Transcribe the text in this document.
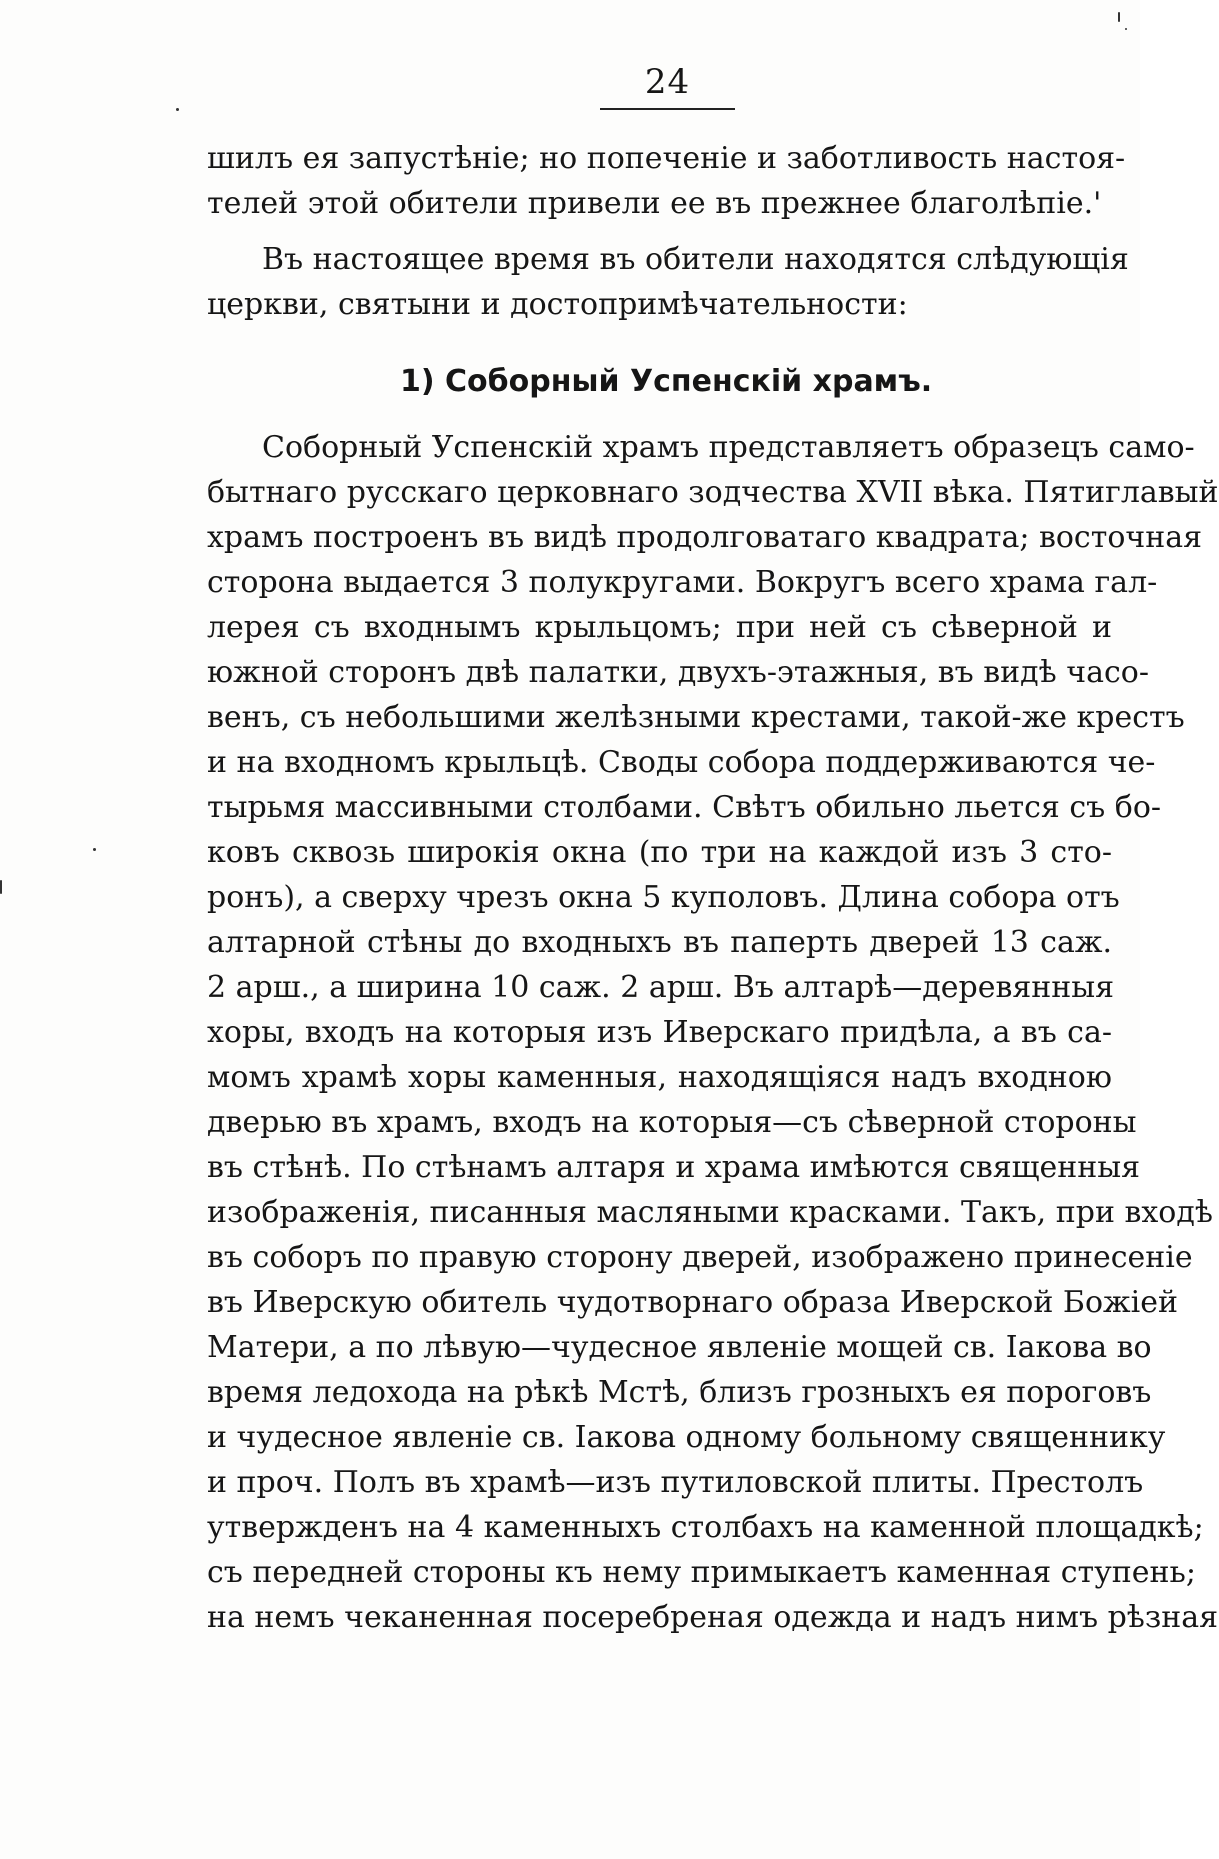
24
шилъ ея запустѣніе; но попеченіе и заботливость настоя-
телей этой обители привели ее въ прежнее благолѣпіе.'
Въ настоящее время въ обители находятся слѣдующія
церкви, святыни и достопримѣчательности:
1) Соборный Успенскій храмъ.
Соборный Успенскій храмъ представляетъ образецъ само-
бытнаго русскаго церковнаго зодчества XVII вѣка. Пятиглавый
храмъ построенъ въ видѣ продолговатаго квадрата; восточная
сторона выдается 3 полукругами. Вокругъ всего храма гал-
лерея съ входнымъ крыльцомъ; при ней съ сѣверной и
южной сторонъ двѣ палатки, двухъ-этажныя, въ видѣ часо-
венъ, съ небольшими желѣзными крестами, такой-же крестъ
и на входномъ крыльцѣ. Своды собора поддерживаются че-
тырьмя массивными столбами. Свѣтъ обильно льется съ бо-
ковъ сквозь широкія окна (по три на каждой изъ 3 сто-
ронъ), а сверху чрезъ окна 5 куполовъ. Длина собора отъ
алтарной стѣны до входныхъ въ паперть дверей 13 саж.
2 арш., а ширина 10 саж. 2 арш. Въ алтарѣ—деревянныя
хоры, входъ на которыя изъ Иверскаго придѣла, а въ са-
момъ храмѣ хоры каменныя, находящіяся надъ входною
дверью въ храмъ, входъ на которыя—съ сѣверной стороны
въ стѣнѣ. По стѣнамъ алтаря и храма имѣются священныя
изображенія, писанныя масляными красками. Такъ, при входѣ
въ соборъ по правую сторону дверей, изображено принесеніе
въ Иверскую обитель чудотворнаго образа Иверской Божіей
Матери, а по лѣвую—чудесное явленіе мощей св. Іакова во
время ледохода на рѣкѣ Мстѣ, близъ грозныхъ ея пороговъ
и чудесное явленіе св. Іакова одному больному священнику
и проч. Полъ въ храмѣ—изъ путиловской плиты. Престолъ
утвержденъ на 4 каменныхъ столбахъ на каменной площадкѣ;
съ передней стороны къ нему примыкаетъ каменная ступень;
на немъ чеканенная посеребреная одежда и надъ нимъ рѣзная
